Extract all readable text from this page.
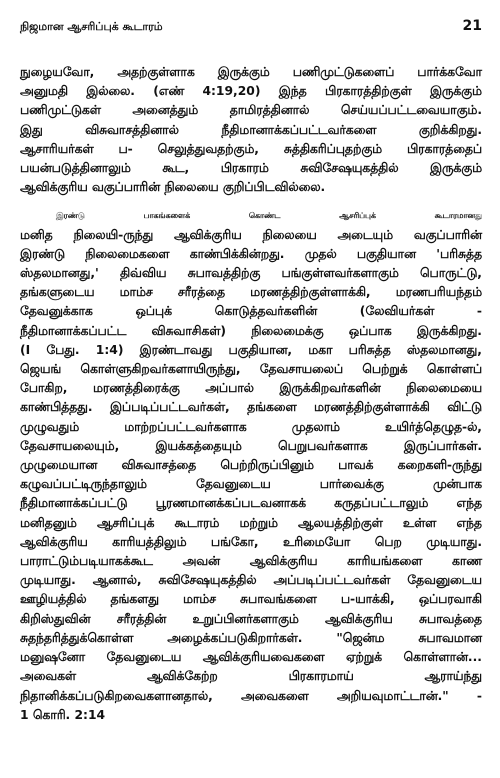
நிஜமான ஆசரிப்புக் கூடாரம்	21

நுழையவோ, அதற்குள்ளாக இருக்கும் பணிமுட்டுகளைப் பார்க்கவோ
அனுமதி இல்லை. (எண் 4:19,20) இந்த பிரகாரத்திற்குள் இருக்கும்
பணிமுட்டுகள்	அனைத்தும்	தாமிரத்தினால்	செய்யப்பட்டவையாகும்.
இது	விசுவாசத்தினால்	நீதிமானாக்கப்பட்டவர்களை	குறிக்கிறது.
ஆசாரியர்கள் ப- செலுத்துவதற்கும், சுத்திகரிப்புதற்கும் பிரகாரத்தைப்
பயன்படுத்தினாலும்	கூட,	பிரகாரம்	சுவிசேஷயுகத்தில்	இருக்கும்
ஆவிக்குரிய வகுப்பாரின் நிலையை குறிப்பிடவில்லை.

இரண்டு	பாகங்களைக்	கொண்ட	ஆசரிப்புக்	கூடாரமானது
மனித நிலையி-ருந்து ஆவிக்குரிய நிலையை அடையும் வகுப்பாரின்
இரண்டு நிலைமைகளை காண்பிக்கின்றது. முதல் பகுதியான 'பரிசுத்த
ஸ்தலமானது,' திவ்விய சுபாவத்திற்கு பங்குள்ளவர்களாகும் பொருட்டு,
தங்களுடைய மாம்ச சரீரத்தை மரணத்திற்குள்ளாக்கி, மரணபரியந்தம்
தேவனுக்காக	ஒப்புக்	கொடுத்தவர்களின்	(லேவியர்கள்	-
நீதிமானாக்கப்பட்ட விசுவாசிகள்) நிலைமைக்கு ஒப்பாக இருக்கிறது.
(I பேது. 1:4) இரண்டாவது பகுதியான, மகா பரிசுத்த ஸ்தலமானது,
ஜெயங் கொள்ளுகிறவர்களாயிருந்து, தேவசாயலைப் பெற்றுக் கொள்ளப்
போகிற, மரணத்திரைக்கு அப்பால் இருக்கிறவர்களின் நிலைமையை
காண்பித்தது. இப்படிப்பட்டவர்கள், தங்களை மரணத்திற்குள்ளாக்கி விட்டு
முழுவதும்	மாற்றப்பட்டவர்களாக	முதலாம்	உயிர்த்தெழுத-ல்,
தேவசாயலையும்,	இயக்கத்தையும்	பெறுபவர்களாக	இருப்பார்கள்.
முழுமையான விசுவாசத்தை பெற்றிருப்பினும் பாவக் கறைகளி-ருந்து
கழுவப்பட்டிருந்தாலும்	தேவனுடைய	பார்வைக்கு	முன்பாக
நீதிமானாக்கப்பட்டு பூரணமானக்கப்படவனாகக் கருதப்பட்டாலும் எந்த
மனிதனும் ஆசரிப்புக் கூடாரம் மற்றும் ஆலயத்திற்குள் உள்ள எந்த
ஆவிக்குரிய காரியத்திலும் பங்கோ, உரிமையோ பெற முடியாது.
பாராட்டும்படியாகக்கூட அவன் ஆவிக்குரிய காரியங்களை காண
முடியாது. ஆனால், சுவிசேஷயுகத்தில் அப்படிப்பட்டவர்கள் தேவனுடைய
ஊழியத்தில் தங்களது மாம்ச சுபாவங்களை ப-யாக்கி, ஒப்பரவாகி
கிறிஸ்துவின் சரீரத்தின் உறுப்பினர்களாகும் ஆவிக்குரிய சுபாவத்தை
சுதந்தரித்துக்கொள்ள	அழைக்கப்படுகிறார்கள்.	"ஜென்ம	சுபாவமான
மனுஷனோ தேவனுடைய ஆவிக்குரியவைகளை ஏற்றுக் கொள்ளான்...
அவைகள்	ஆவிக்கேற்ற	பிரகாரமாய்	ஆராய்ந்து
நிதானிக்கப்படுகிறவைகளானதால், அவைகளை அறியவுமாட்டான்." -
1 கொரி. 2:14
